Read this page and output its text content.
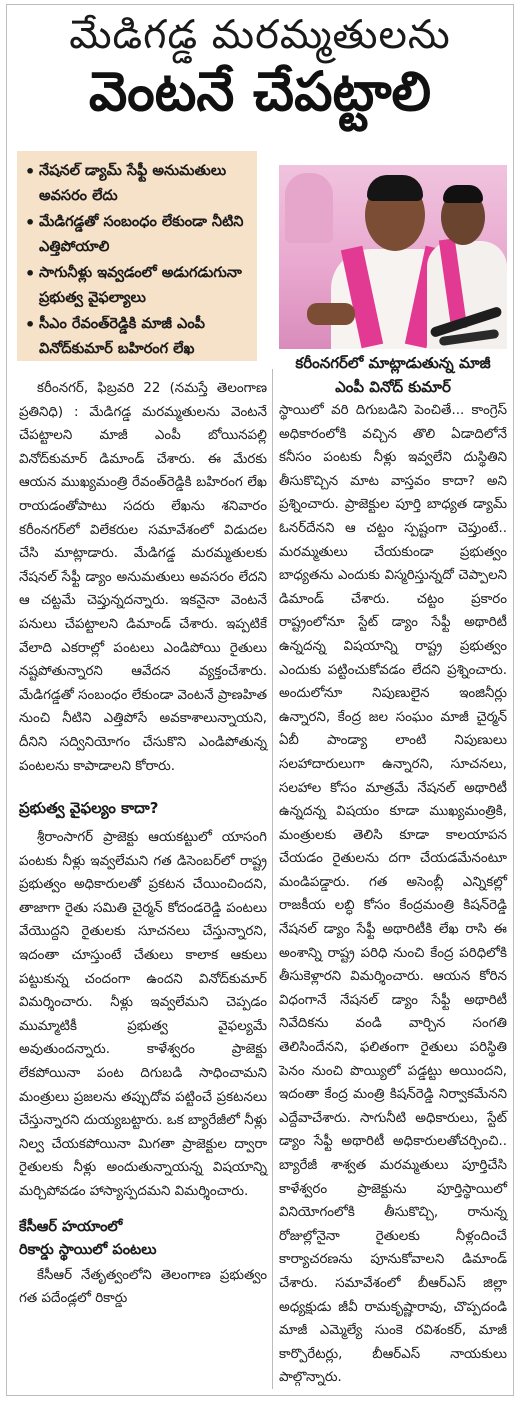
మేడిగడ్డ మరమ్మతులను
వెంటనే చేపట్టాలి
• నేషనల్ డ్యామ్ సేఫ్టీ అనుమతులు అవసరం లేదు
• మేడిగడ్డతో సంబంధం లేకుండా నీటిని ఎత్తిపోయాలి
• సాగునీళ్లు ఇవ్వడంలో అడుగడుగునా ప్రభుత్వ వైఫల్యాలు
• సీఎం రేవంత్‌రెడ్డికి మాజీ ఎంపీ వినోద్‌కుమార్ బహిరంగ లేఖ
కరీంనగర్‌లో మాట్లాడుతున్న మాజీ ఎంపీ వినోద్ కుమార్

కరీంనగర్, ఫిబ్రవరి 22 (నమస్తే తెలంగాణ ప్రతినిధి) : మేడిగడ్డ మరమ్మతులను వెంటనే చేపట్టాలని మాజీ ఎంపీ బోయినపల్లి వినోద్‌కుమార్ డిమాండ్ చేశారు. ఈ మేరకు ఆయన ముఖ్యమంత్రి రేవంత్‌రెడ్డికి బహిరంగ లేఖ రాయడంతోపాటు సదరు లేఖను శనివారం కరీంనగర్‌లో విలేకరుల సమావేశంలో విడుదల చేసి మాట్లాడారు. మేడిగడ్డ మరమ్మతులకు నేషనల్ సేఫ్టీ డ్యాం అనుమతులు అవసరం లేదని ఆ చట్టమే చెప్తున్నదన్నారు. ఇకనైనా వెంటనే పనులు చేపట్టాలని డిమాండ్ చేశారు. ఇప్పటికే వేలాది ఎకరాల్లో పంటలు ఎండిపోయి రైతులు నష్టపోతున్నారని ఆవేదన వ్యక్తంచేశారు. మేడిగడ్డతో సంబంధం లేకుండా వెంటనే ప్రాణహిత నుంచి నీటిని ఎత్తిపోసే అవకాశాలున్నాయని, దీనిని సద్వినియోగం చేసుకొని ఎండిపోతున్న పంటలను కాపాడాలని కోరారు.

ప్రభుత్వ వైఫల్యం కాదా?

శ్రీరాంసాగర్ ప్రాజెక్టు ఆయకట్టులో యాసంగి పంటకు నీళ్లు ఇవ్వలేమని గత డిసెంబర్‌లో రాష్ట్ర ప్రభుత్వం అధికారులతో ప్రకటన చేయించిందని, తాజాగా రైతు సమితి చైర్మన్ కోదండరెడ్డి పంటలు వేయొద్దని రైతులకు సూచనలు చేస్తున్నారని, ఇదంతా చూస్తుంటే చేతులు కాలాక ఆకులు పట్టుకున్న చందంగా ఉందని వినోద్‌కుమార్ విమర్శించారు. నీళ్లు ఇవ్వలేమని చెప్పడం ముమ్మాటికీ ప్రభుత్వ వైఫల్యమే అవుతుందన్నారు. కాళేశ్వరం ప్రాజెక్టు లేకపోయినా పంట దిగుబడి సాధించామని మంత్రులు ప్రజలను తప్పుదోవ పట్టించే ప్రకటనలు చేస్తున్నారని దుయ్యబట్టారు. ఒక బ్యారేజీలో నీళ్లు నిల్వ చేయకపోయినా మిగతా ప్రాజెక్టుల ద్వారా రైతులకు నీళ్లు అందుతున్నాయన్న విషయాన్ని మర్చిపోవడం హాస్యాస్పదమని విమర్శించారు.

కేసీఆర్ హయాంలో
రికార్డు స్థాయిలో పంటలు

కేసీఆర్ నేతృత్వంలోని తెలంగాణ ప్రభుత్వం గత పదేండ్లలో రికార్డు

స్థాయిలో వరి దిగుబడిని పెంచితే... కాంగ్రెస్ అధికారంలోకి వచ్చిన తొలి ఏడాదిలోనే కనీసం పంటకు నీళ్లు ఇవ్వలేని దుస్థితిని తీసుకొచ్చిన మాట వాస్తవం కాదా? అని ప్రశ్నించారు. ప్రాజెక్టుల పూర్తి బాధ్యత డ్యామ్ ఓనర్‌దేనని ఆ చట్టం స్పష్టంగా చెప్తుంటే.. మరమ్మతులు చేయకుండా ప్రభుత్వం బాధ్యతను ఎందుకు విస్మరిస్తున్నదో చెప్పాలని డిమాండ్ చేశారు. చట్టం ప్రకారం రాష్ట్రంలోనూ స్టేట్ డ్యాం సేఫ్టీ అథారిటీ ఉన్నదన్న విషయాన్ని రాష్ట్ర ప్రభుత్వం ఎందుకు పట్టించుకోవడం లేదని ప్రశ్నించారు. అందులోనూ నిపుణులైన ఇంజినీర్లు ఉన్నారని, కేంద్ర జల సంఘం మాజీ చైర్మన్ ఏబీ పాండ్యా లాంటి నిపుణులు సలహాదారులుగా ఉన్నారని, సూచనలు, సలహాల కోసం మాత్రమే నేషనల్ అథారిటీ ఉన్నదన్న విషయం కూడా ముఖ్యమంత్రికి, మంత్రులకు తెలిసి కూడా కాలయాపన చేయడం రైతులను దగా చేయడమేనంటూ మండిపడ్డారు. గత అసెంబ్లీ ఎన్నికల్లో రాజకీయ లబ్ధి కోసం కేంద్రమంత్రి కిషన్‌రెడ్డి నేషనల్ డ్యాం సేఫ్టీ అథారిటీకి లేఖ రాసి ఈ అంశాన్ని రాష్ట్ర పరిధి నుంచి కేంద్ర పరిధిలోకి తీసుకెళ్లారని విమర్శించారు. ఆయన కోరిన విధంగానే నేషనల్ డ్యాం సేఫ్టీ అథారిటీ నివేదికను వండి వార్చిన సంగతి తెలిసిందేనని, ఫలితంగా రైతులు పరిస్థితి పెనం నుంచి పొయ్యిలో పడ్డట్టు అయిందని, ఇదంతా కేంద్ర మంత్రి కిషన్‌రెడ్డి నిర్వాకమేనని ఎద్దేవాచేశారు. సాగునీటి అధికారులు, స్టేట్ డ్యాం సేఫ్టీ అథారిటీ అధికారులతోచర్చించి.. బ్యారేజీ శాశ్వత మరమ్మతులు పూర్తిచేసి కాళేశ్వరం ప్రాజెక్టును పూర్తిస్థాయిలో వినియోగంలోకి తీసుకొచ్చి, రానున్న రోజుల్లోనైనా రైతులకు నీళ్లందించే కార్యాచరణను పూనుకోవాలని డిమాండ్ చేశారు. సమావేశంలో బీఆర్‌ఎస్ జిల్లా అధ్యక్షుడు జీవీ రామకృష్ణారావు, చొప్పదండి మాజీ ఎమ్మెల్యే సుంకె రవిశంకర్, మాజీ కార్పొరేటర్లు, బీఆర్‌ఎస్ నాయకులు పాల్గొన్నారు.
